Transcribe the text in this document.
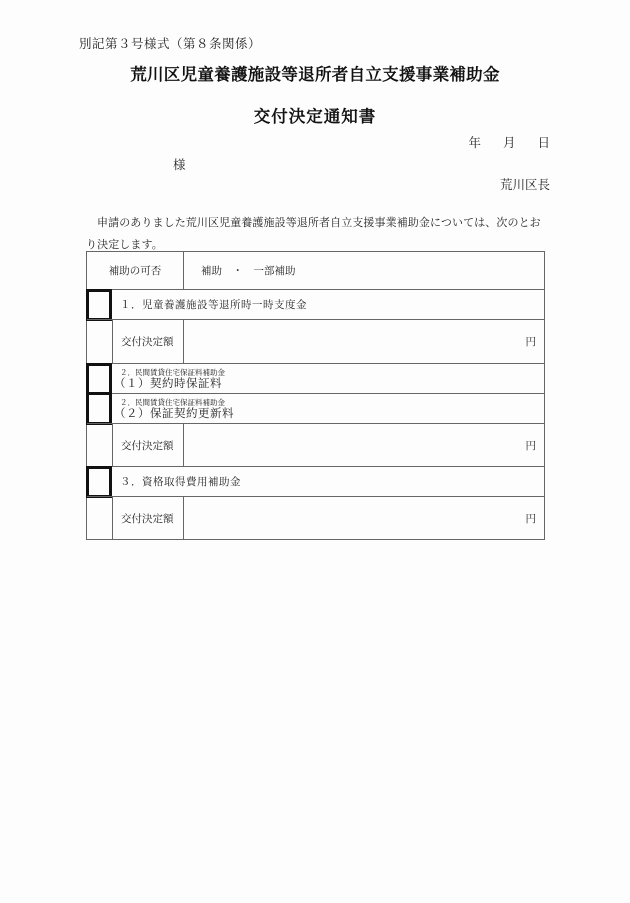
別記第３号様式（第８条関係）
荒川区児童養護施設等退所者自立支援事業補助金
交付決定通知書
年 月 日
様
荒川区長
申請のありました荒川区児童養護施設等退所者自立支援事業補助金については、次のとおり決定します。
補助の可否	補助　・　一部補助
１．児童養護施設等退所時一時支度金
交付決定額	円
２．民間賃貸住宅保証料補助金
（１）契約時保証料
２．民間賃貸住宅保証料補助金
（２）保証契約更新料
交付決定額	円
３．資格取得費用補助金
交付決定額	円
